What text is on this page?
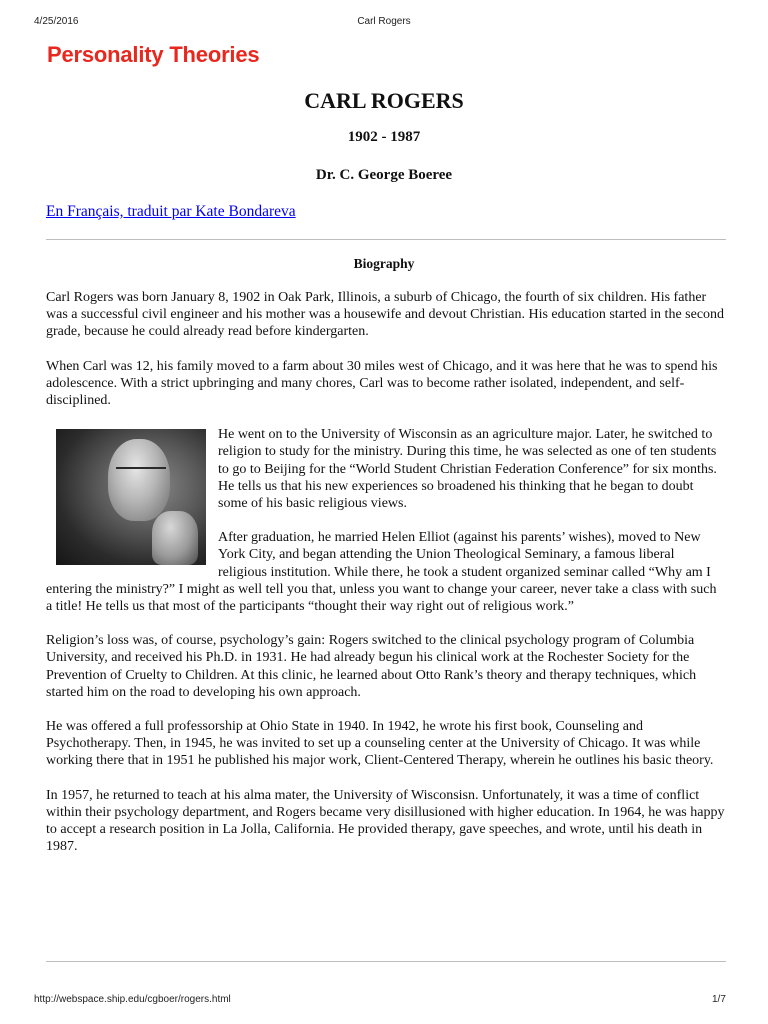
4/25/2016	Carl Rogers
Personality Theories
CARL ROGERS
1902 - 1987
Dr. C. George Boeree
En Français, traduit par Kate Bondareva
Biography

Carl Rogers was born January 8, 1902 in Oak Park, Illinois, a suburb of Chicago, the fourth of six children. His father was a successful civil engineer and his mother was a housewife and devout Christian. His education started in the second grade, because he could already read before kindergarten.

When Carl was 12, his family moved to a farm about 30 miles west of Chicago, and it was here that he was to spend his adolescence. With a strict upbringing and many chores, Carl was to become rather isolated, independent, and self-disciplined.

He went on to the University of Wisconsin as an agriculture major. Later, he switched to religion to study for the ministry. During this time, he was selected as one of ten students to go to Beijing for the “World Student Christian Federation Conference” for six months. He tells us that his new experiences so broadened his thinking that he began to doubt some of his basic religious views.

After graduation, he married Helen Elliot (against his parents’ wishes), moved to New York City, and began attending the Union Theological Seminary, a famous liberal religious institution. While there, he took a student organized seminar called “Why am I entering the ministry?” I might as well tell you that, unless you want to change your career, never take a class with such a title! He tells us that most of the participants “thought their way right out of religious work.”

Religion’s loss was, of course, psychology’s gain: Rogers switched to the clinical psychology program of Columbia University, and received his Ph.D. in 1931. He had already begun his clinical work at the Rochester Society for the Prevention of Cruelty to Children. At this clinic, he learned about Otto Rank’s theory and therapy techniques, which started him on the road to developing his own approach.

He was offered a full professorship at Ohio State in 1940. In 1942, he wrote his first book, Counseling and Psychotherapy. Then, in 1945, he was invited to set up a counseling center at the University of Chicago. It was while working there that in 1951 he published his major work, Client-Centered Therapy, wherein he outlines his basic theory.

In 1957, he returned to teach at his alma mater, the University of Wisconsisn. Unfortunately, it was a time of conflict within their psychology department, and Rogers became very disillusioned with higher education. In 1964, he was happy to accept a research position in La Jolla, California. He provided therapy, gave speeches, and wrote, until his death in 1987.

http://webspace.ship.edu/cgboer/rogers.html	1/7
